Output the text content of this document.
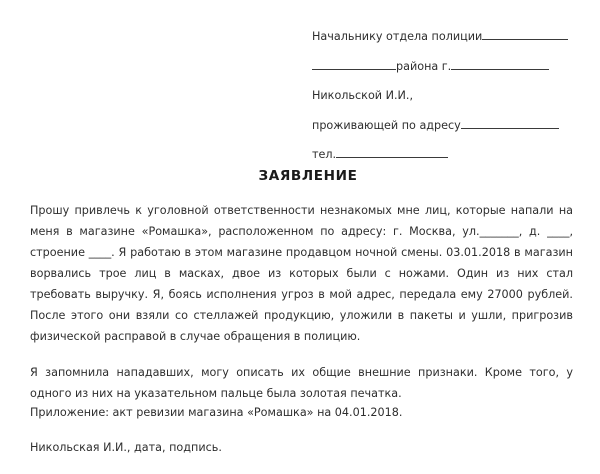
Начальнику отдела полиции
района г.
Никольской И.И.,
проживающей по адресу
тел.
ЗАЯВЛЕНИЕ

Прошу привлечь к уголовной ответственности незнакомых мне лиц, которые напали на меня в магазине «Ромашка», расположенном по адресу: г. Москва, ул._______, д. ____, строение ____. Я работаю в этом магазине продавцом ночной смены. 03.01.2018 в магазин ворвались трое лиц в масках, двое из которых были с ножами. Один из них стал требовать выручку. Я, боясь исполнения угроз в мой адрес, передала ему 27000 рублей. После этого они взяли со стеллажей продукцию, уложили в пакеты и ушли, пригрозив физической расправой в случае обращения в полицию.

Я запомнила нападавших, могу описать их общие внешние признаки. Кроме того, у одного из них на указательном пальце была золотая печатка.

Приложение: акт ревизии магазина «Ромашка» на 04.01.2018.
Никольская И.И., дата, подпись.
